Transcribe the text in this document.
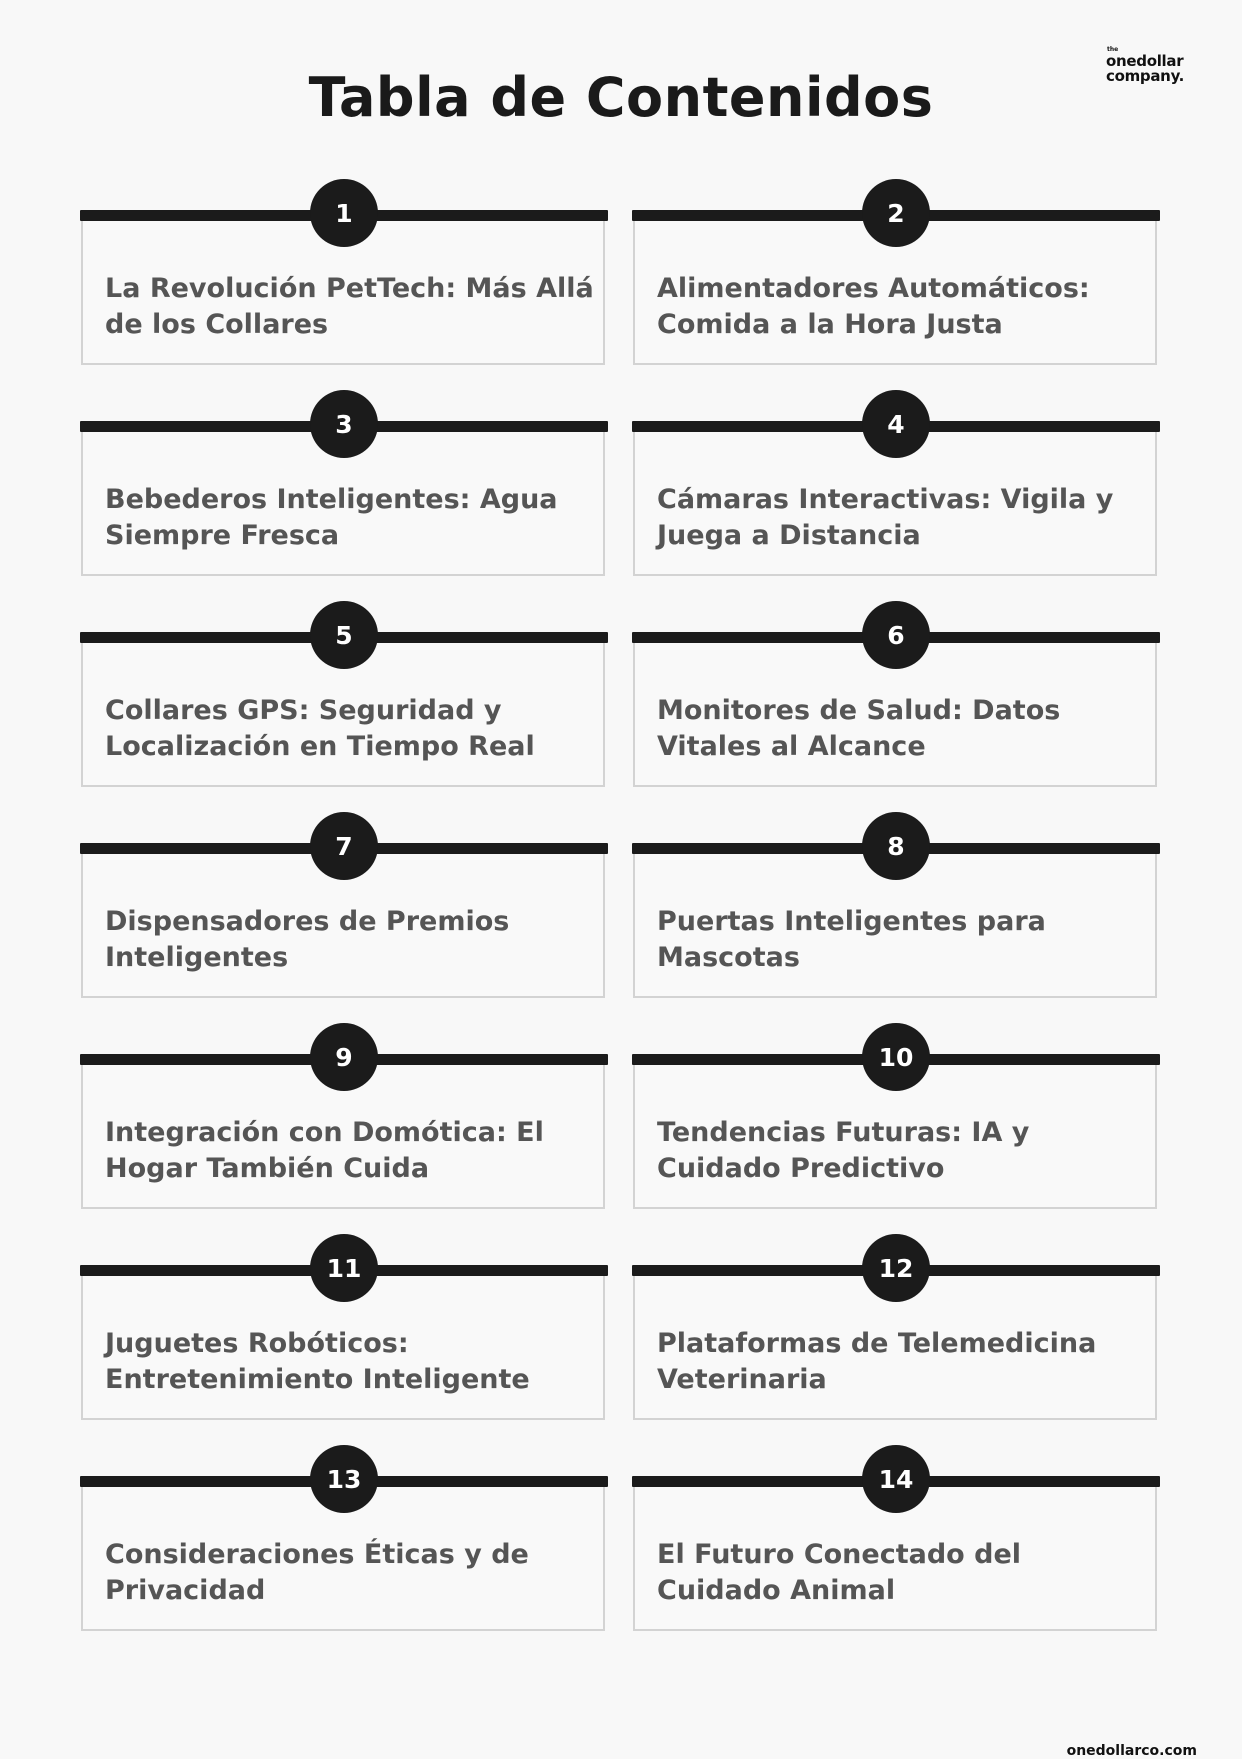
the
onedollar
company.
Tabla de Contenidos
1

La Revolución PetTech: Más Allá de los Collares

2

Alimentadores Automáticos: Comida a la Hora Justa

3

Bebederos Inteligentes: Agua Siempre Fresca

4

Cámaras Interactivas: Vigila y Juega a Distancia

5

Collares GPS: Seguridad y Localización en Tiempo Real

6

Monitores de Salud: Datos Vitales al Alcance

7

Dispensadores de Premios Inteligentes

8

Puertas Inteligentes para Mascotas

9

Integración con Domótica: El Hogar También Cuida

10

Tendencias Futuras: IA y Cuidado Predictivo

11

Juguetes Robóticos: Entretenimiento Inteligente

12

Plataformas de Telemedicina Veterinaria

13

Consideraciones Éticas y de Privacidad

14

El Futuro Conectado del Cuidado Animal

onedollarco.com
